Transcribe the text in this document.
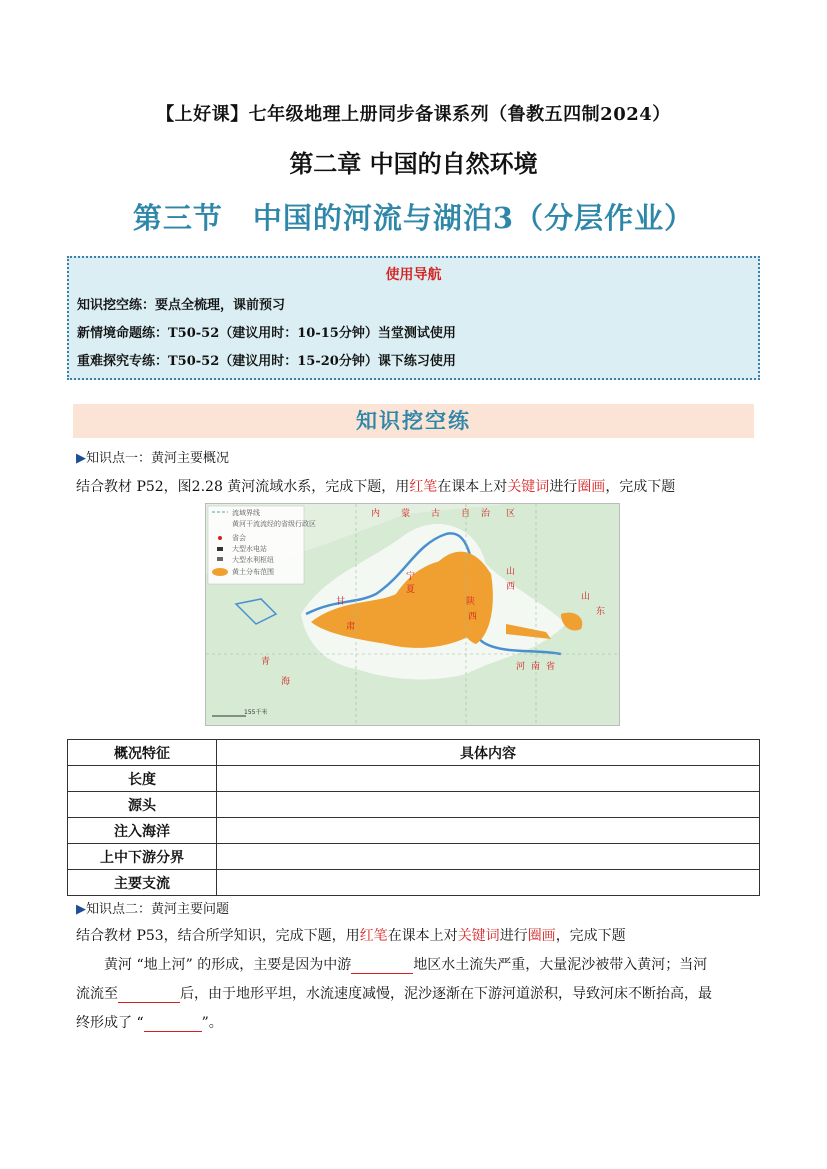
【上好课】七年级地理上册同步备课系列（鲁教五四制2024）
第二章 中国的自然环境
第三节　中国的河流与湖泊3（分层作业）
使用导航
知识挖空练：要点全梳理，课前预习
新情境命题练：T50-52（建议用时：10-15分钟）当堂测试使用
重难探究专练：T50-52（建议用时：15-20分钟）课下练习使用
知识挖空练
▶知识点一：黄河主要概况
结合教材 P52，图2.28 黄河流域水系，完成下题，用红笔在课本上对关键词进行圈画，完成下题
流域界线
黄河干流流经的省级行政区
省会
大型水电站
大型水利枢纽
黄土分布范围
内 蒙 古 自 治 区
甘
肃
宁
夏
陕
西
山
西
河 南 省
山
东
青
海
155千米
概况特征	具体内容
长度	
源头	
注入海洋	
上中下游分界	
主要支流	
▶知识点二：黄河主要问题
结合教材 P53，结合所学知识，完成下题，用红笔在课本上对关键词进行圈画，完成下题
黄河 “地上河” 的形成，主要是因为中游	地区水土流失严重，大量泥沙被带入黄河；当河
流流至	后，由于地形平坦，水流速度减慢，泥沙逐渐在下游河道淤积，导致河床不断抬高，最
终形成了 “	”。
